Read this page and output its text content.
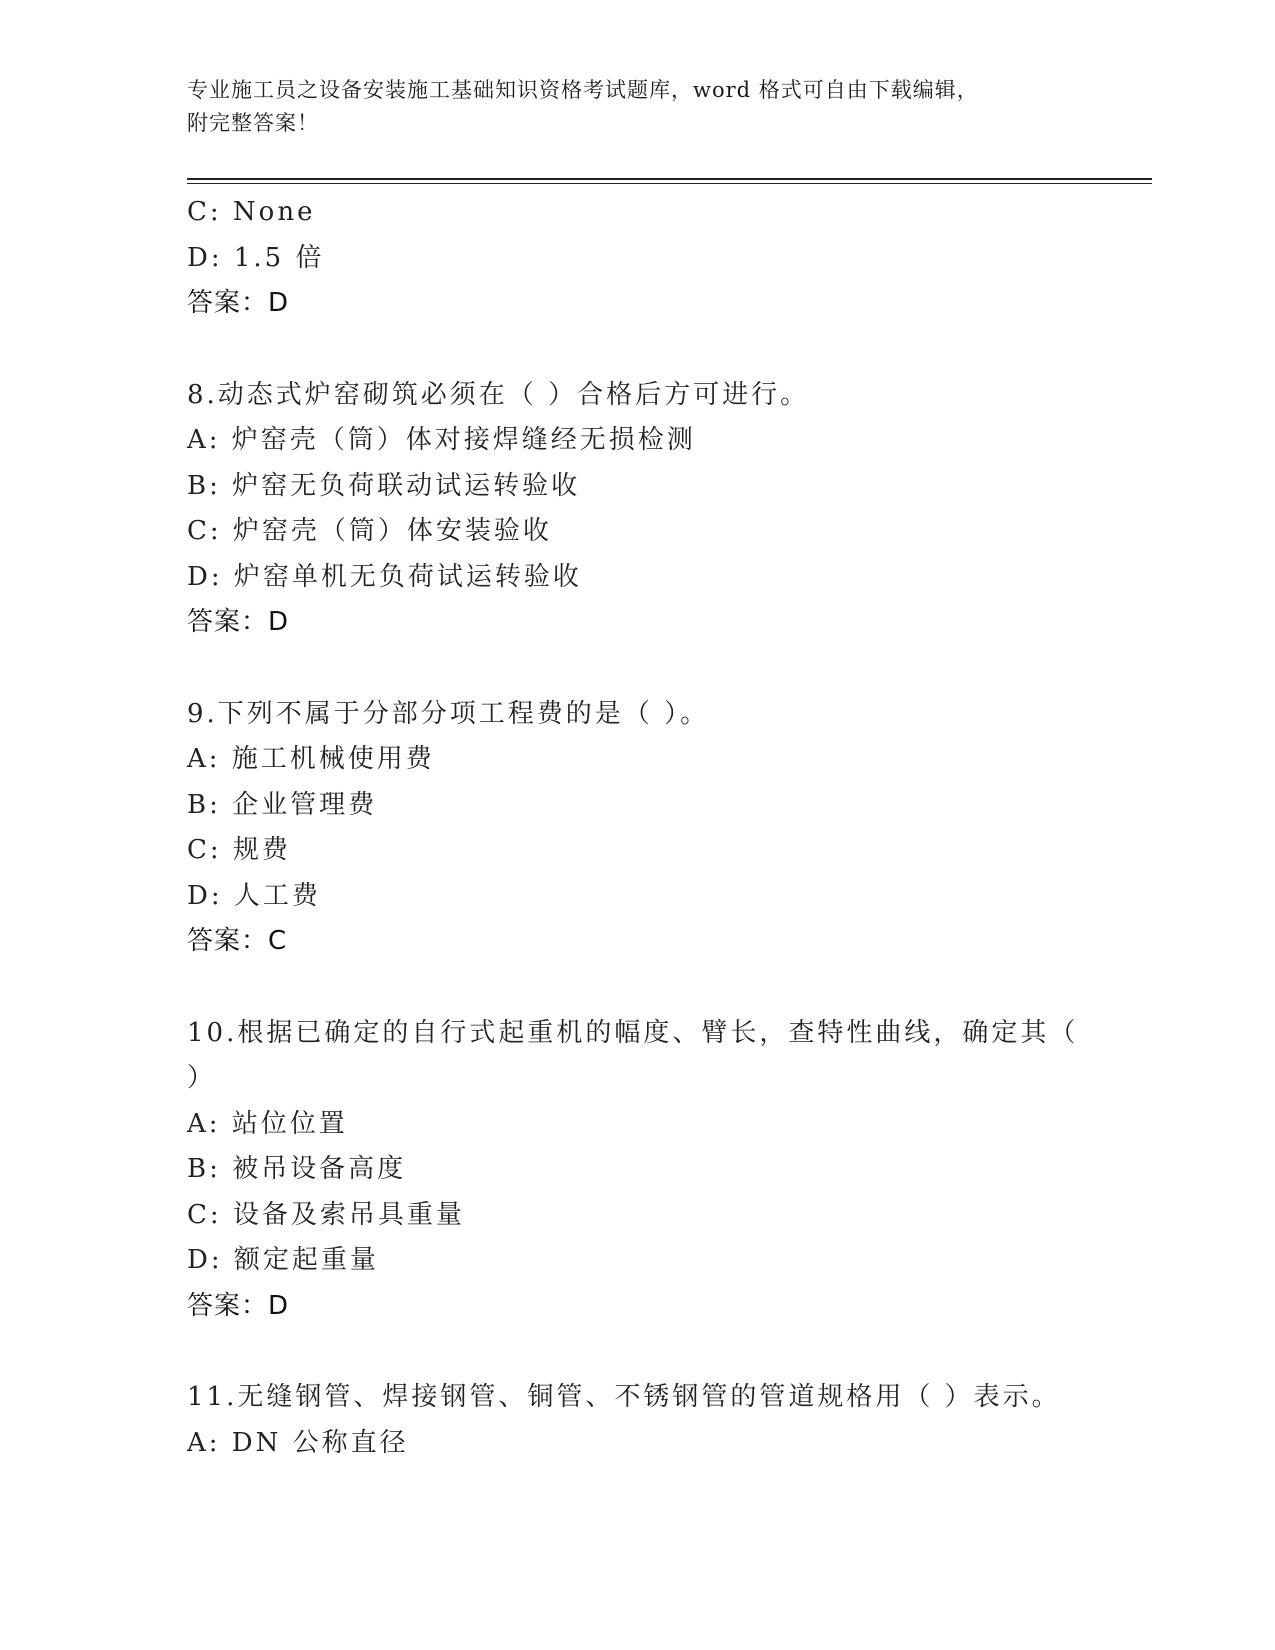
专业施工员之设备安装施工基础知识资格考试题库，word 格式可自由下载编辑，
附完整答案！
C: None
D: 1.5 倍
答案：D
8.动态式炉窑砌筑必须在（ ）合格后方可进行。
A: 炉窑壳（筒）体对接焊缝经无损检测
B: 炉窑无负荷联动试运转验收
C: 炉窑壳（筒）体安装验收
D: 炉窑单机无负荷试运转验收
答案：D
9.下列不属于分部分项工程费的是（ ）。
A: 施工机械使用费
B: 企业管理费
C: 规费
D: 人工费
答案：C
10.根据已确定的自行式起重机的幅度、臂长，查特性曲线，确定其（
）
A: 站位位置
B: 被吊设备高度
C: 设备及索吊具重量
D: 额定起重量
答案：D
11.无缝钢管、焊接钢管、铜管、不锈钢管的管道规格用（ ）表示。
A: DN 公称直径
